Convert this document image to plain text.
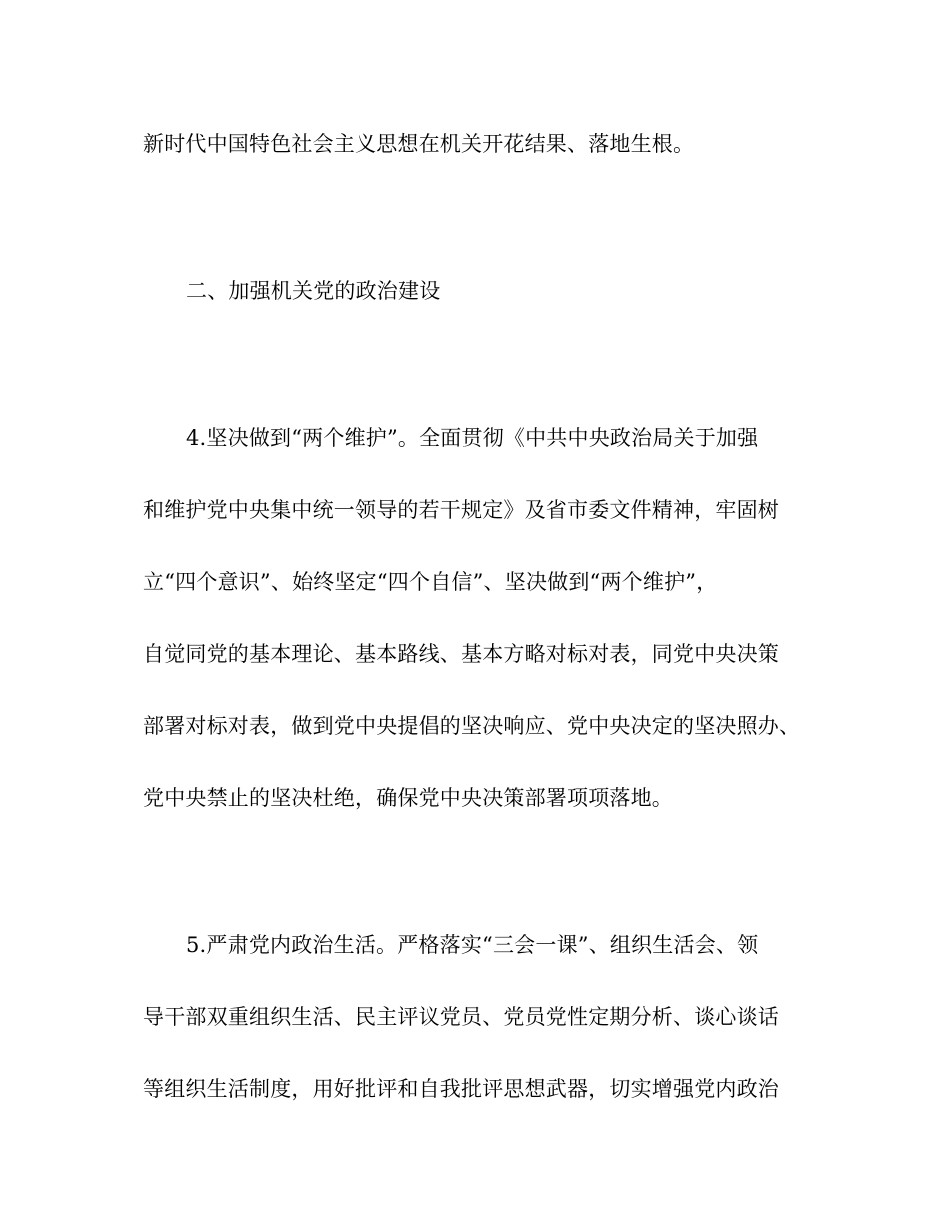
新时代中国特色社会主义思想在机关开花结果、落地生根。
二、加强机关党的政治建设
4.坚决做到“两个维护”。全面贯彻《中共中央政治局关于加强
和维护党中央集中统一领导的若干规定》及省市委文件精神，牢固树
立“四个意识”、始终坚定“四个自信”、坚决做到“两个维护”，
自觉同党的基本理论、基本路线、基本方略对标对表，同党中央决策
部署对标对表，做到党中央提倡的坚决响应、党中央决定的坚决照办、
党中央禁止的坚决杜绝，确保党中央决策部署项项落地。
5.严肃党内政治生活。严格落实“三会一课”、组织生活会、领
导干部双重组织生活、民主评议党员、党员党性定期分析、谈心谈话
等组织生活制度，用好批评和自我批评思想武器，切实增强党内政治
